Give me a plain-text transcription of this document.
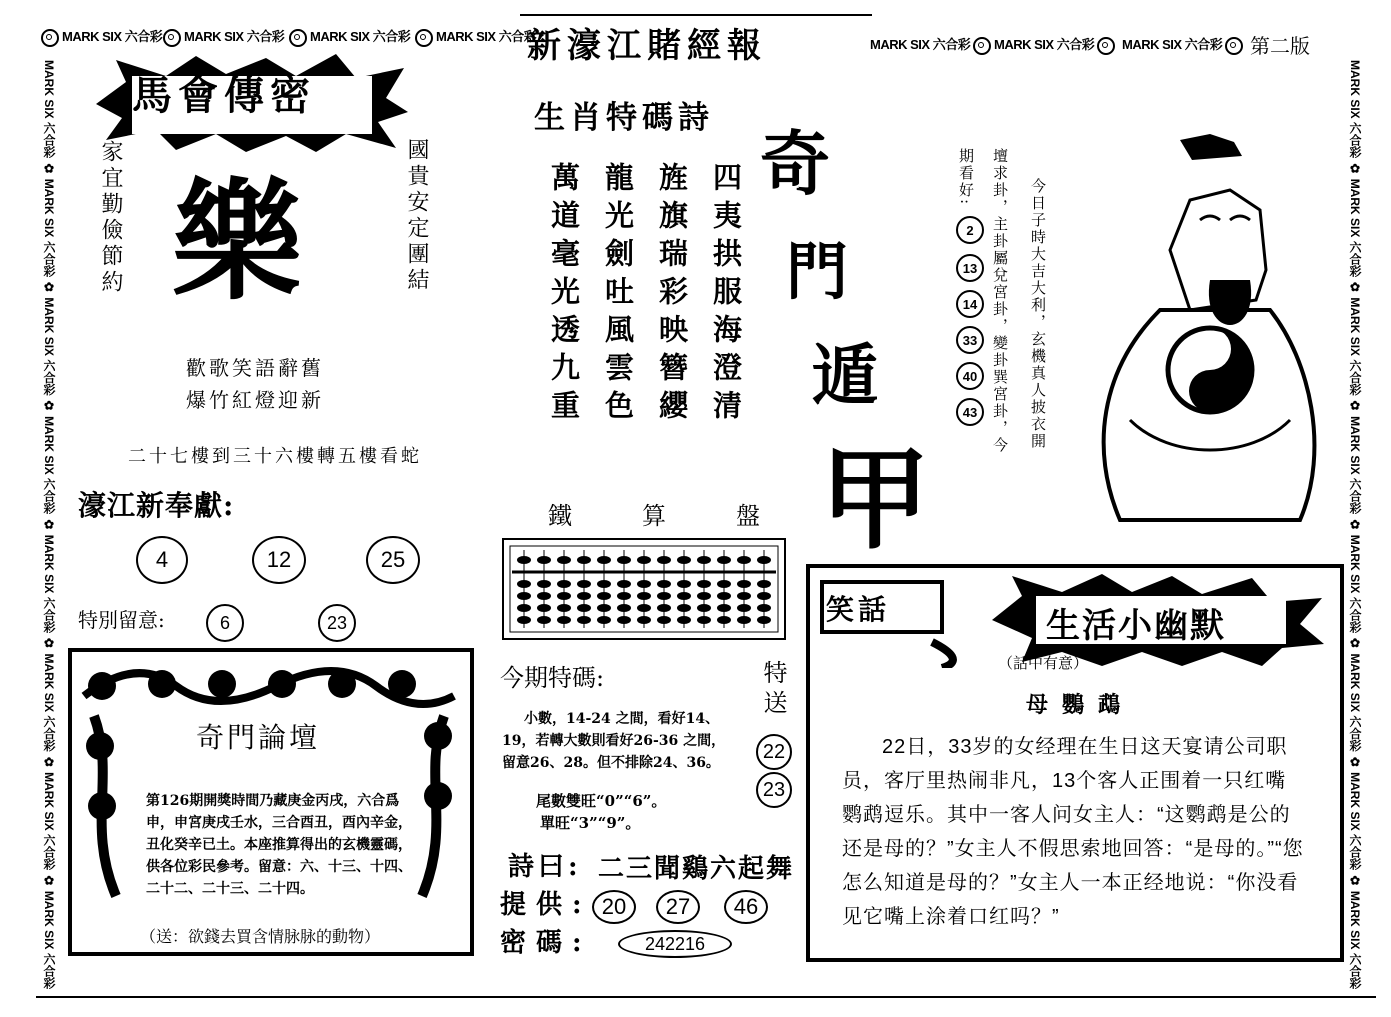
MARK SIX 六合彩	MARK SIX 六合彩	MARK SIX 六合彩	MARK SIX 六合彩
MARK SIX 六合彩	MARK SIX 六合彩	MARK SIX 六合彩
新濠江賭經報	第二版
MARK SIX 六合彩 ✿ MARK SIX 六合彩 ✿ MARK SIX 六合彩 ✿ MARK SIX 六合彩 ✿ MARK SIX 六合彩 ✿ MARK SIX 六合彩 ✿ MARK SIX 六合彩 ✿ MARK SIX 六合彩
MARK SIX 六合彩 ✿ MARK SIX 六合彩 ✿ MARK SIX 六合彩 ✿ MARK SIX 六合彩 ✿ MARK SIX 六合彩 ✿ MARK SIX 六合彩 ✿ MARK SIX 六合彩 ✿ MARK SIX 六合彩
馬會傳密
家宜勤儉節約	國貴安定團結
樂
歡歌笑語辭舊
爆竹紅燈迎新
二十七樓到三十六樓轉五樓看蛇
濠江新奉獻:
4	12	25
特別留意:	6	23
奇門論壇
第126期開獎時間乃藏庚金丙戌，六合爲申，申宮庚戌壬水，三合酉丑，酉內辛金，丑化癸辛已土。本座推算得出的玄機靈碼，供各位彩民參考。留意：六、十三、十四、二十二、二十三、二十四。
（送：欲錢去買含情脉脉的動物）
生肖特碼詩
四夷拱服海澄清
旌旗瑞彩映簪纓
龍光劍吐風雲色
萬道毫光透九重	奇
門
遁
甲
鐵算盤
今期特碼:	特送
22
23
小數，14-24 之間，看好14、
19，若轉大數則看好26-36 之間，
留意26、28。但不排除24、36。
尾數雙旺“0”“6”。
單旺“3”“9”。
詩曰: 二三聞鷄六起舞
提供: 20	27	46
密碼:	242216
今日子時大吉大利，玄機真人披衣開
壇求卦，主卦屬兌宮卦，變卦巽宮卦，今
期看好:
2
13
14
33
40
43
笑話	生活小幽默
（話中有意）
母鸚鵡
22日，33岁的女经理在生日这天宴请公司职员，客厅里热闹非凡，13个客人正围着一只红嘴鹦鹉逗乐。其中一客人问女主人：“这鹦鹉是公的还是母的？”女主人不假思索地回答：“是母的。”“您怎么知道是母的？”女主人一本正经地说：“你没看见它嘴上涂着口红吗？”
